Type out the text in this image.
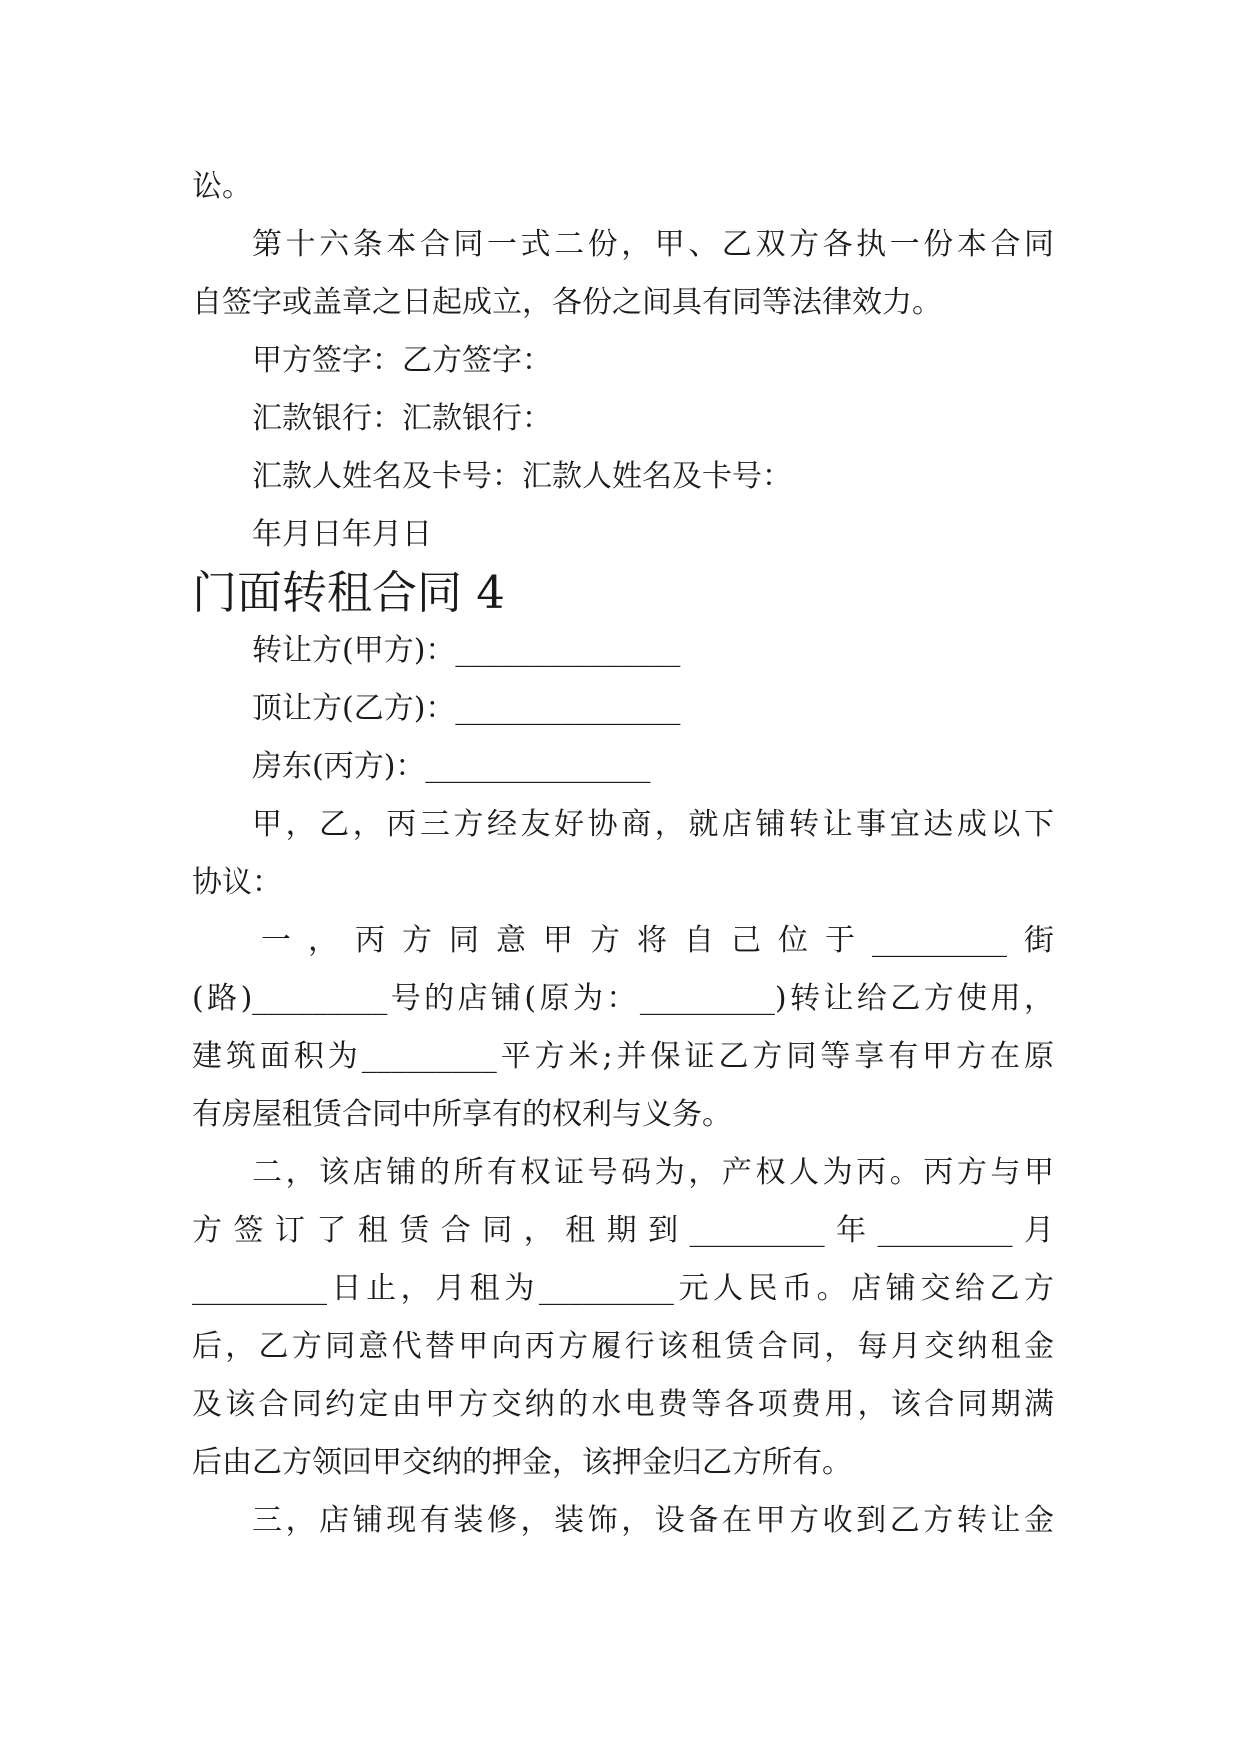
讼。

第十六条本合同一式二份，甲、乙双方各执一份本合同

自签字或盖章之日起成立，各份之间具有同等法律效力。

甲方签字：乙方签字：

汇款银行：汇款银行：

汇款人姓名及卡号：汇款人姓名及卡号：

年月日年月日

门面转租合同 4

转让方(甲方)：_______________

顶让方(乙方)：_______________

房东(丙方)：_______________

甲，乙，丙三方经友好协商，就店铺转让事宜达成以下

协议：

一，丙方同意甲方将自己位于_________街

(路)_________号的店铺(原为：_________)转让给乙方使用，

建筑面积为_________平方米;并保证乙方同等享有甲方在原

有房屋租赁合同中所享有的权利与义务。

二，该店铺的所有权证号码为，产权人为丙。丙方与甲

方签订了租赁合同，租期到_________年_________月

_________日止，月租为_________元人民币。店铺交给乙方

后，乙方同意代替甲向丙方履行该租赁合同，每月交纳租金

及该合同约定由甲方交纳的水电费等各项费用，该合同期满

后由乙方领回甲交纳的押金，该押金归乙方所有。

三，店铺现有装修，装饰，设备在甲方收到乙方转让金
